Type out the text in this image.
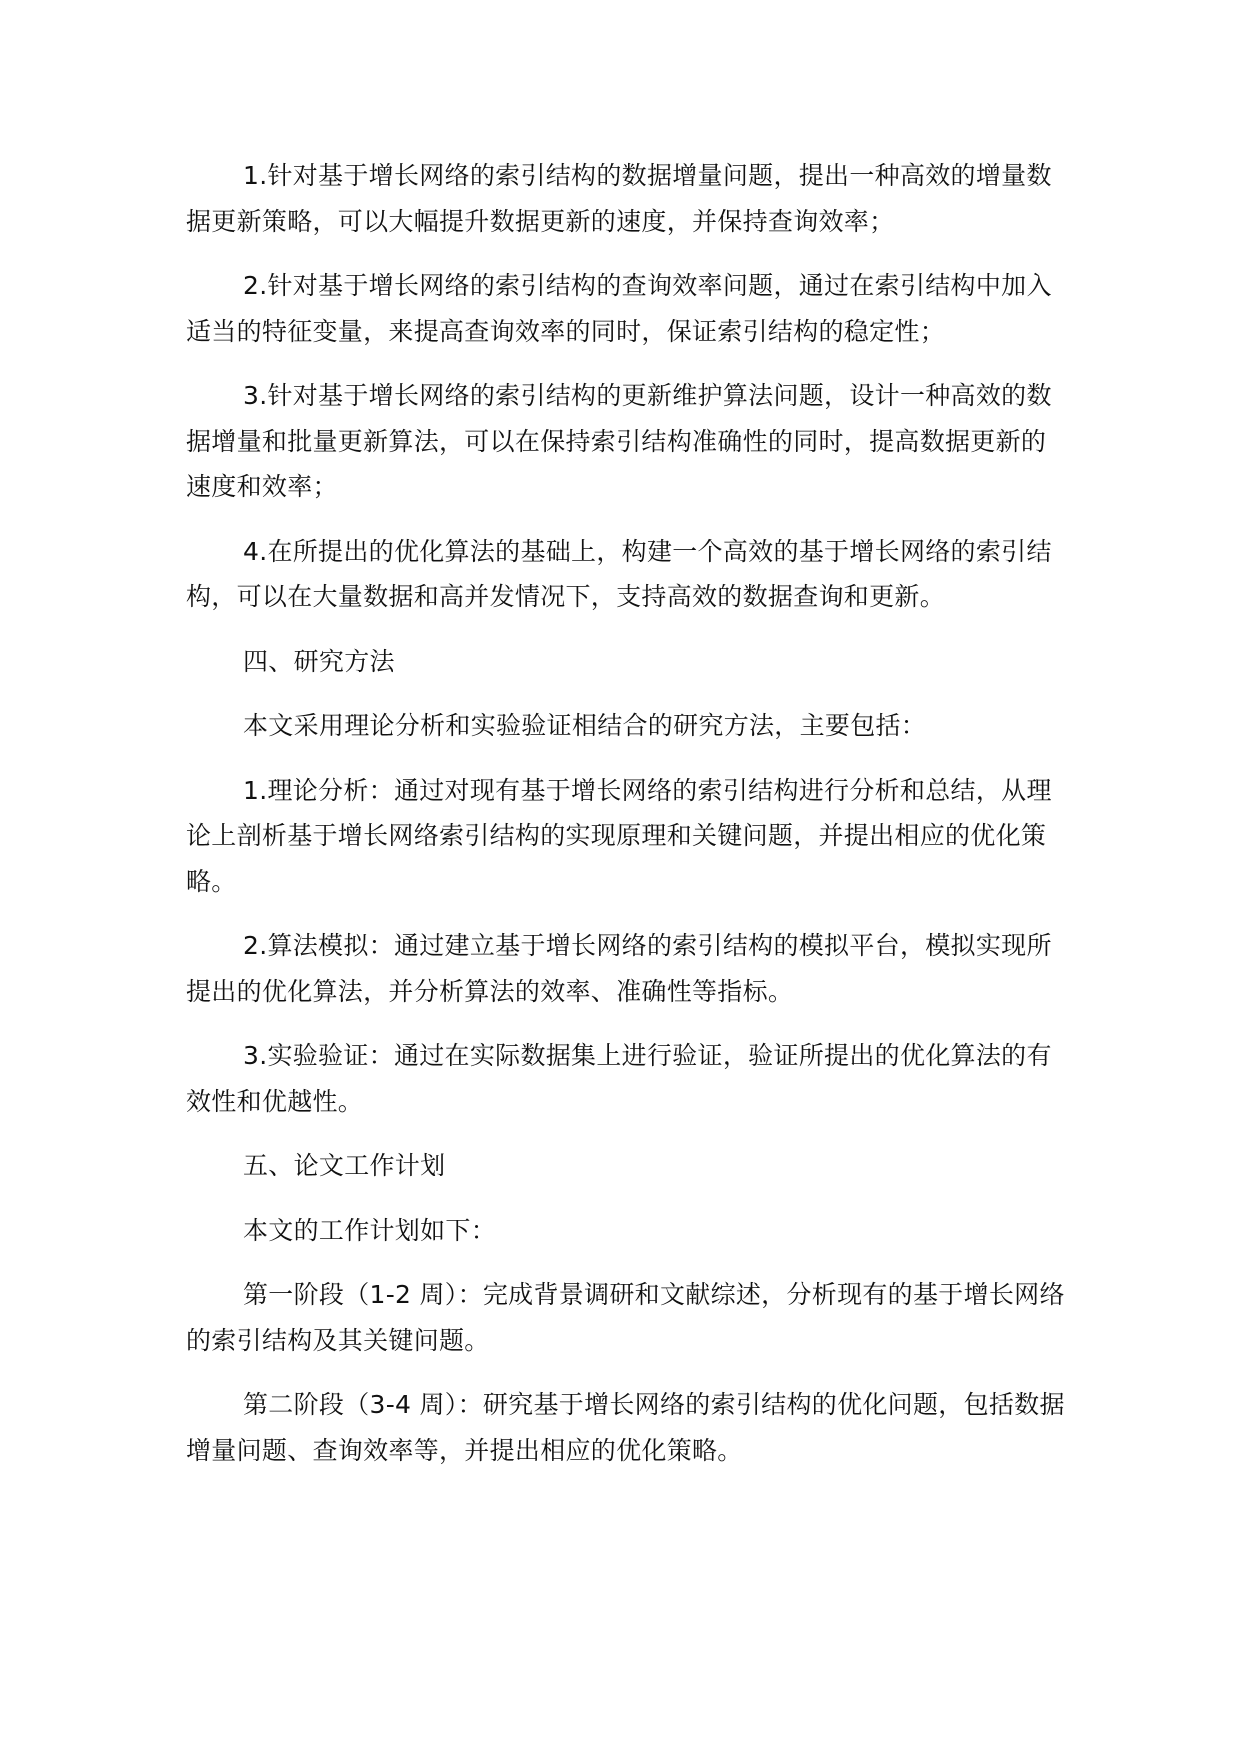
1.针对基于增长网络的索引结构的数据增量问题，提出一种高效的增量数据更新策略，可以大幅提升数据更新的速度，并保持查询效率；

2.针对基于增长网络的索引结构的查询效率问题，通过在索引结构中加入适当的特征变量，来提高查询效率的同时，保证索引结构的稳定性；

3.针对基于增长网络的索引结构的更新维护算法问题，设计一种高效的数据增量和批量更新算法，可以在保持索引结构准确性的同时，提高数据更新的速度和效率；

4.在所提出的优化算法的基础上，构建一个高效的基于增长网络的索引结构，可以在大量数据和高并发情况下，支持高效的数据查询和更新。

四、研究方法

本文采用理论分析和实验验证相结合的研究方法，主要包括：

1.理论分析：通过对现有基于增长网络的索引结构进行分析和总结，从理论上剖析基于增长网络索引结构的实现原理和关键问题，并提出相应的优化策略。

2.算法模拟：通过建立基于增长网络的索引结构的模拟平台，模拟实现所提出的优化算法，并分析算法的效率、准确性等指标。

3.实验验证：通过在实际数据集上进行验证，验证所提出的优化算法的有效性和优越性。

五、论文工作计划

本文的工作计划如下：

第一阶段（1-2 周）：完成背景调研和文献综述，分析现有的基于增长网络的索引结构及其关键问题。

第二阶段（3-4 周）：研究基于增长网络的索引结构的优化问题，包括数据增量问题、查询效率等，并提出相应的优化策略。
